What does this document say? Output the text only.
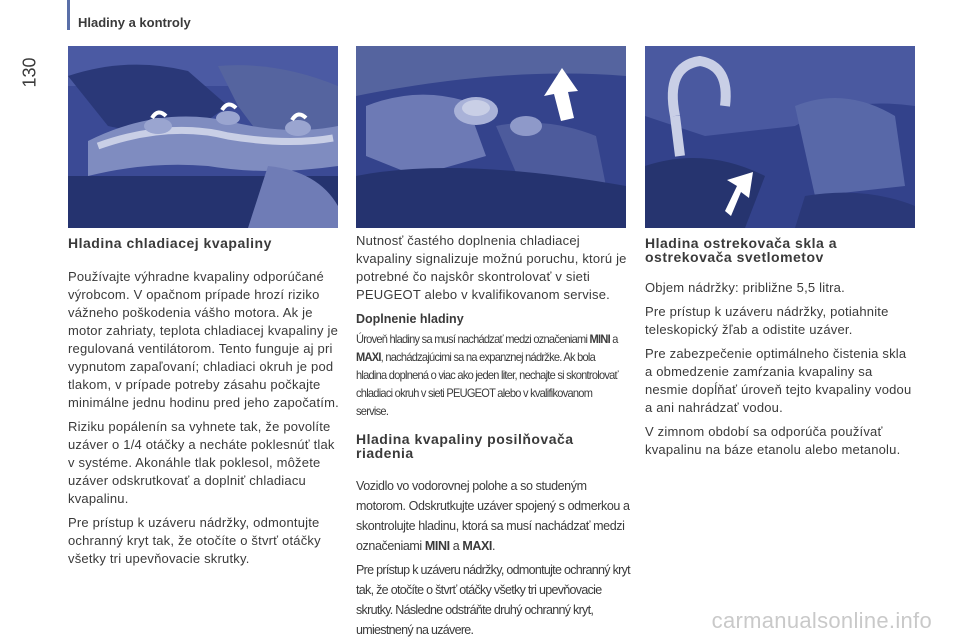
Hladiny a kontroly
130
Hladina chladiacej kvapaliny

Používajte výhradne kvapaliny odporúčané výrobcom. V opačnom prípade hrozí riziko vážneho poškodenia vášho motora. Ak je motor zahriaty, teplota chladiacej kvapaliny je regulovaná ventilátorom. Tento funguje aj pri vypnutom zapaľovaní; chladiaci okruh je pod tlakom, v prípade potreby zásahu počkajte minimálne jednu hodinu pred jeho započatím.

Riziku popálenín sa vyhnete tak, že povolíte uzáver o 1/4 otáčky a necháte poklesnúť tlak v systéme. Akonáhle tlak poklesol, môžete uzáver odskrutkovať a doplniť chladiacu kvapalinu.

Pre prístup k uzáveru nádržky, odmontujte ochranný kryt tak, že otočíte o štvrť otáčky všetky tri upevňovacie skrutky.

Nutnosť častého doplnenia chladiacej kvapaliny signalizuje možnú poruchu, ktorú je potrebné čo najskôr skontrolovať v sieti PEUGEOT alebo v kvalifikovanom servise.

Doplnenie hladiny
Úroveň hladiny sa musí nachádzať medzi označeniami MINI a MAXI, nachádzajúcimi sa na expanznej nádržke. Ak bola hladina doplnená o viac ako jeden liter, nechajte si skontrolovať chladiaci okruh v sieti PEUGEOT alebo v kvalifikovanom servise.
Hladina kvapaliny posilňovača riadenia

Vozidlo vo vodorovnej polohe a so studeným motorom. Odskrutkujte uzáver spojený s odmerkou a skontrolujte hladinu, ktorá sa musí nachádzať medzi označeniami MINI a MAXI.

Pre prístup k uzáveru nádržky, odmontujte ochranný kryt tak, že otočíte o štvrť otáčky všetky tri upevňovacie skrutky. Následne odstráňte druhý ochranný kryt, umiestnený na uzávere.

Hladina ostrekovača skla a ostrekovača svetlometov

Objem nádržky: približne 5,5 litra.

Pre prístup k uzáveru nádržky, potiahnite teleskopický žľab a odistite uzáver.

Pre zabezpečenie optimálneho čistenia skla a obmedzenie zamŕzania kvapaliny sa nesmie dopĺňať úroveň tejto kvapaliny vodou a ani nahrádzať vodou.

V zimnom období sa odporúča používať kvapalinu na báze etanolu alebo metanolu.

carmanualsonline.info
